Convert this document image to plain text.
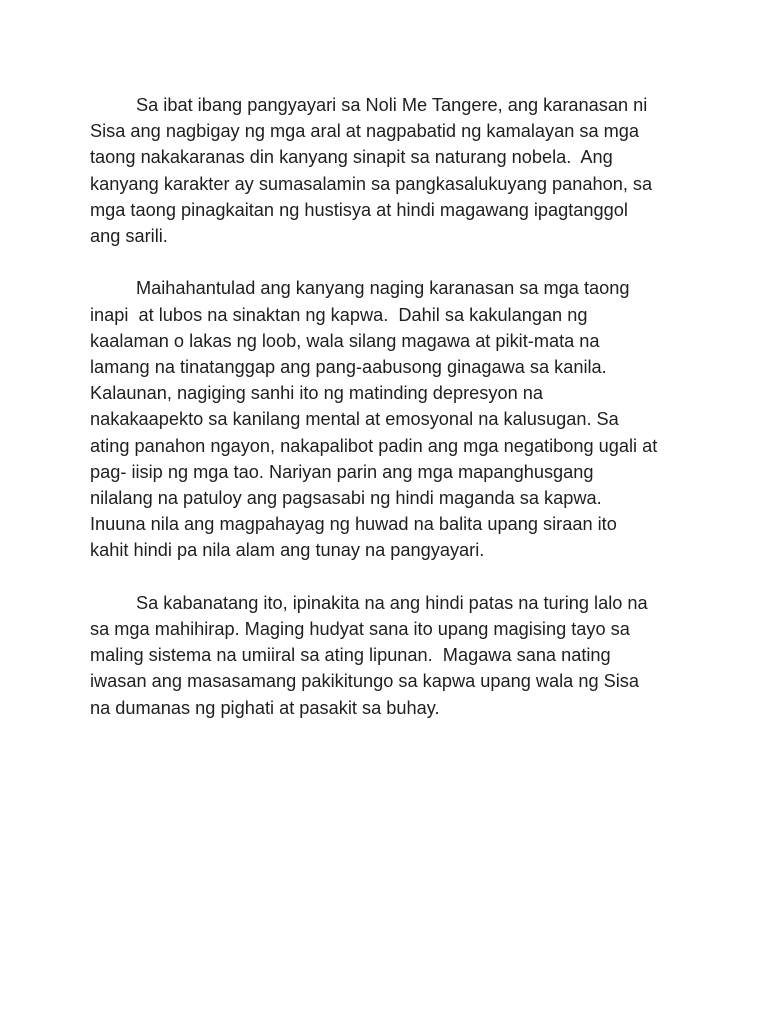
Sa ibat ibang pangyayari sa Noli Me Tangere, ang karanasan ni
Sisa ang nagbigay ng mga aral at nagpabatid ng kamalayan sa mga
taong nakakaranas din kanyang sinapit sa naturang nobela.  Ang
kanyang karakter ay sumasalamin sa pangkasalukuyang panahon, sa
mga taong pinagkaitan ng hustisya at hindi magawang ipagtanggol
ang sarili.

Maihahantulad ang kanyang naging karanasan sa mga taong
inapi  at lubos na sinaktan ng kapwa.  Dahil sa kakulangan ng
kaalaman o lakas ng loob, wala silang magawa at pikit-mata na
lamang na tinatanggap ang pang-aabusong ginagawa sa kanila.
Kalaunan, nagiging sanhi ito ng matinding depresyon na
nakakaapekto sa kanilang mental at emosyonal na kalusugan. Sa
ating panahon ngayon, nakapalibot padin ang mga negatibong ugali at
pag- iisip ng mga tao. Nariyan parin ang mga mapanghusgang
nilalang na patuloy ang pagsasabi ng hindi maganda sa kapwa.
Inuuna nila ang magpahayag ng huwad na balita upang siraan ito
kahit hindi pa nila alam ang tunay na pangyayari.

Sa kabanatang ito, ipinakita na ang hindi patas na turing lalo na
sa mga mahihirap. Maging hudyat sana ito upang magising tayo sa
maling sistema na umiiral sa ating lipunan.  Magawa sana nating
iwasan ang masasamang pakikitungo sa kapwa upang wala ng Sisa
na dumanas ng pighati at pasakit sa buhay.
